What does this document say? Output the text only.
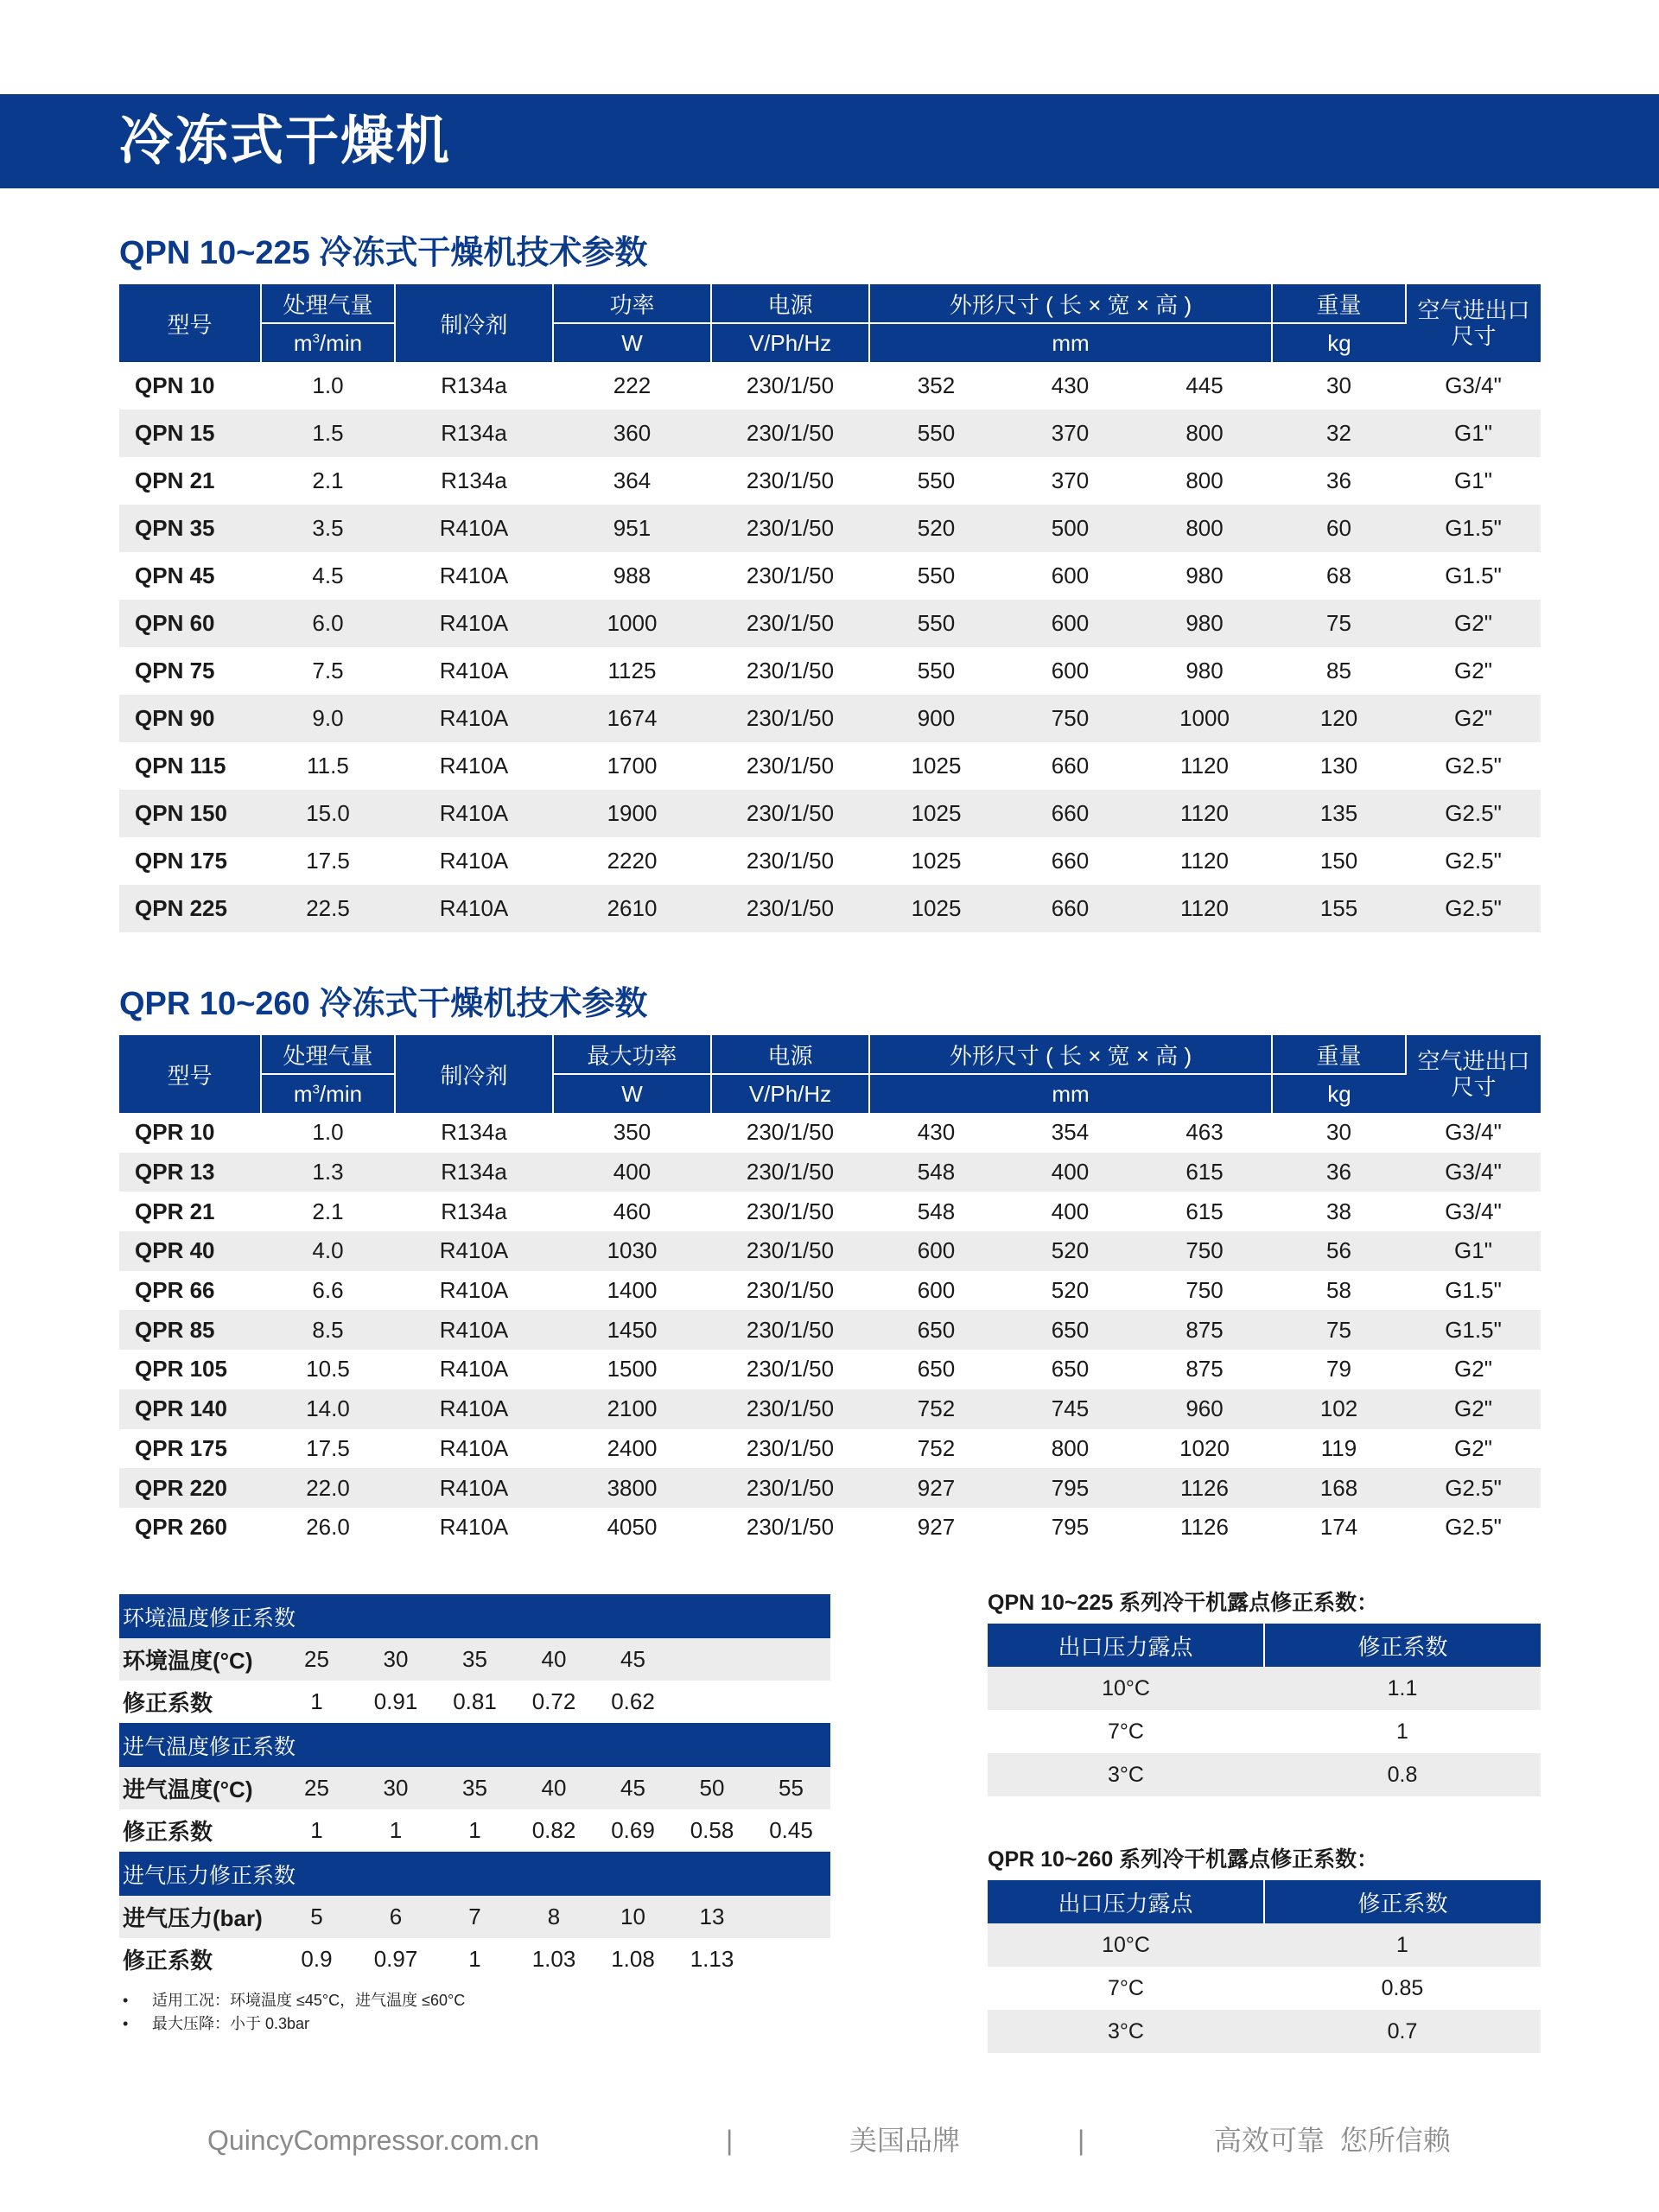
冷冻式干燥机
QPN 10~225 冷冻式干燥机技术参数
型号	处理气量	制冷剂	功率	电源	外形尺寸 ( 长 × 宽 × 高 )			重量	空气进出口
尺寸
	$m^3/\min$		W	V/Ph/Hz	mm			kg	
QPN 10	1.0	R134a	222	230/1/50	352	430	445	30	G3/4"
QPN 15	1.5	R134a	360	230/1/50	550	370	800	32	G1"
QPN 21	2.1	R134a	364	230/1/50	550	370	800	36	G1"
QPN 35	3.5	R410A	951	230/1/50	520	500	800	60	G1.5"
QPN 45	4.5	R410A	988	230/1/50	550	600	980	68	G1.5"
QPN 60	6.0	R410A	1000	230/1/50	550	600	980	75	G2"
QPN 75	7.5	R410A	1125	230/1/50	550	600	980	85	G2"
QPN 90	9.0	R410A	1674	230/1/50	900	750	1000	120	G2"
QPN 115	11.5	R410A	1700	230/1/50	1025	660	1120	130	G2.5"
QPN 150	15.0	R410A	1900	230/1/50	1025	660	1120	135	G2.5"
QPN 175	17.5	R410A	2220	230/1/50	1025	660	1120	150	G2.5"
QPN 225	22.5	R410A	2610	230/1/50	1025	660	1120	155	G2.5"
QPR 10~260 冷冻式干燥机技术参数
型号	处理气量	制冷剂	最大功率	电源	外形尺寸 ( 长 × 宽 × 高 )			重量	空气进出口
尺寸
	$m^3/\min$		W	V/Ph/Hz	mm			kg	
QPR 10	1.0	R134a	350	230/1/50	430	354	463	30	G3/4"
QPR 13	1.3	R134a	400	230/1/50	548	400	615	36	G3/4"
QPR 21	2.1	R134a	460	230/1/50	548	400	615	38	G3/4"
QPR 40	4.0	R410A	1030	230/1/50	600	520	750	56	G1"
QPR 66	6.6	R410A	1400	230/1/50	600	520	750	58	G1.5"
QPR 85	8.5	R410A	1450	230/1/50	650	650	875	75	G1.5"
QPR 105	10.5	R410A	1500	230/1/50	650	650	875	79	G2"
QPR 140	14.0	R410A	2100	230/1/50	752	745	960	102	G2"
QPR 175	17.5	R410A	2400	230/1/50	752	800	1020	119	G2"
QPR 220	22.0	R410A	3800	230/1/50	927	795	1126	168	G2.5"
QPR 260	26.0	R410A	4050	230/1/50	927	795	1126	174	G2.5"
环境温度修正系数							
环境温度(°C)	25	30	35	40	45		
修正系数	1	0.91	0.81	0.72	0.62		
进气温度修正系数							
进气温度(°C)	25	30	35	40	45	50	55
修正系数	1	1	1	0.82	0.69	0.58	0.45
进气压力修正系数							
进气压力(bar)	5	6	7	8	10	13	
修正系数	0.9	0.97	1	1.03	1.08	1.13	
• 适用工况：环境温度 ≤45°C，进气温度 ≤60°C
• 最大压降：小于 0.3bar
QPN 10~225 系列冷干机露点修正系数：
出口压力露点	修正系数
10°C	1.1
7°C	1
3°C	0.8
QPR 10~260 系列冷干机露点修正系数：
出口压力露点	修正系数
10°C	1
7°C	0.85
3°C	0.7
QuincyCompressor.com.cn	|	美国品牌	|	高效可靠  您所信赖
